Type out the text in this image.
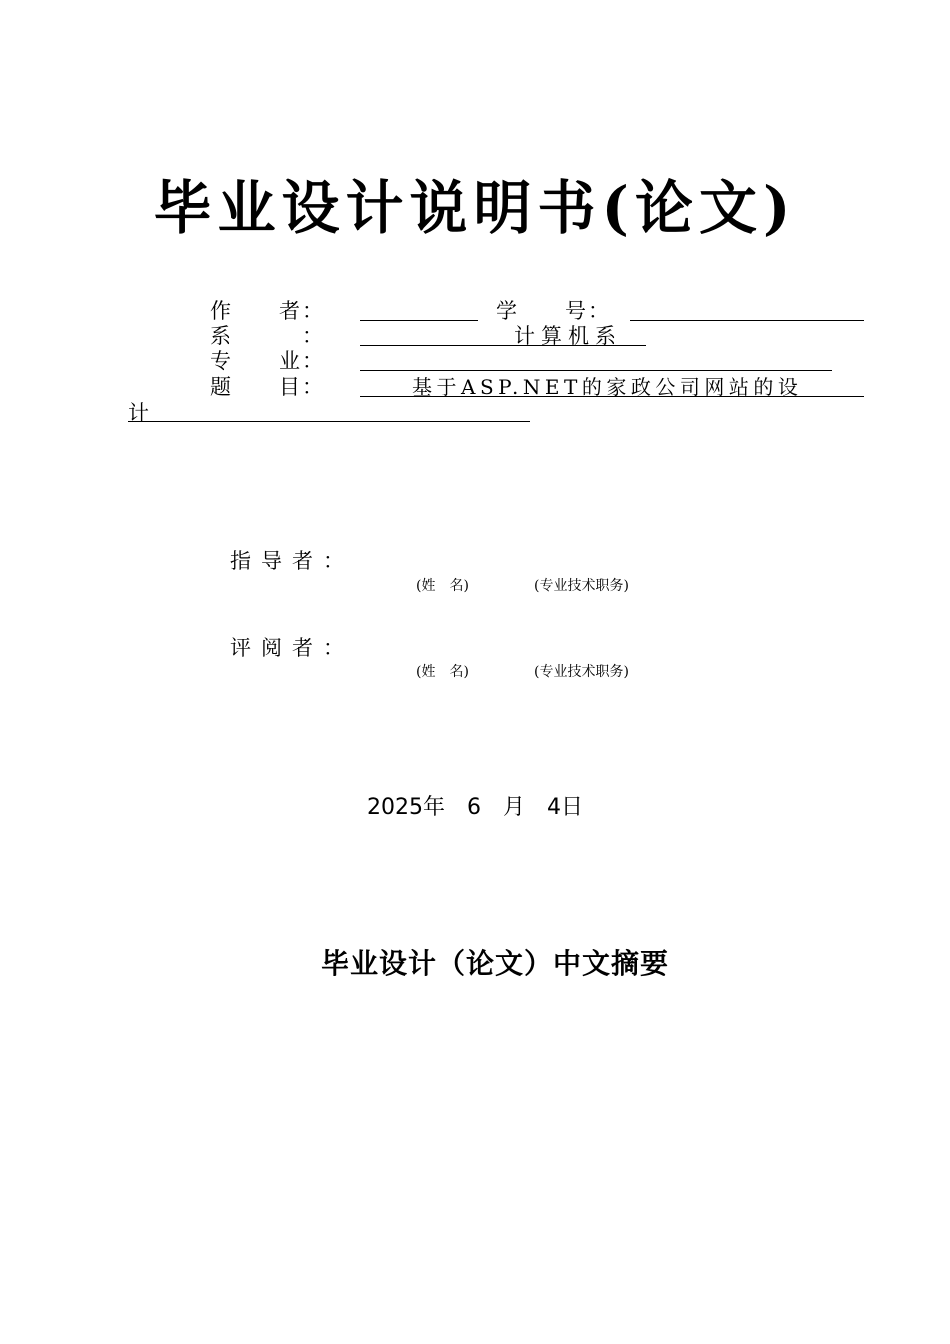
毕业设计说明书(论文)
作　　者：	学　　号：
系　　　：	计算机系
专　　业：
题　　目：	基于ASP.NET的家政公司网站的设
计
指导者：
(姓　名)	(专业技术职务)
评阅者：
(姓　名)	(专业技术职务)
2025年　6　月　4日
毕业设计（论文）中文摘要
